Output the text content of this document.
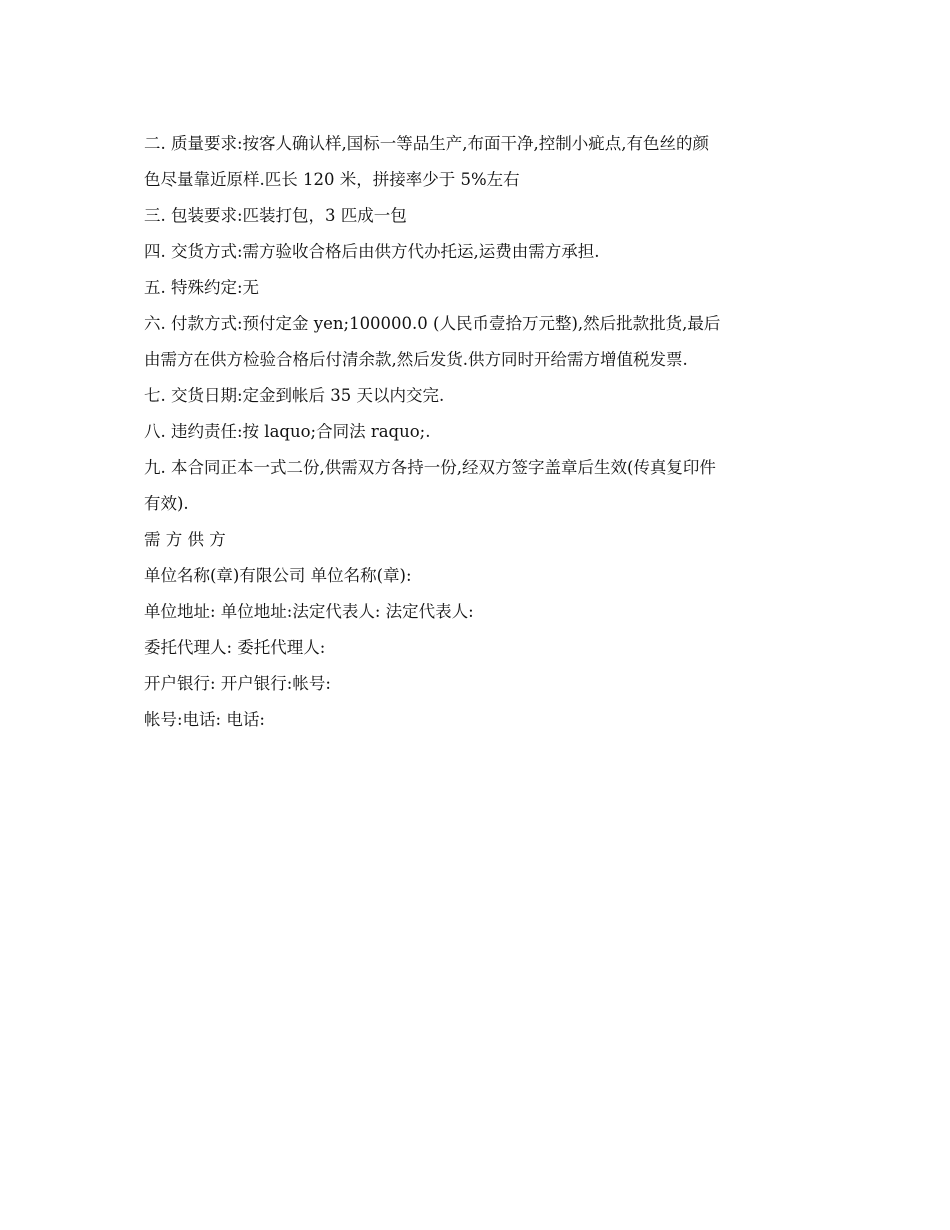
二. 质量要求:按客人确认样,国标一等品生产,布面干净,控制小疵点,有色丝的颜
色尽量靠近原样.匹长 120 米，拼接率少于 5%左右
三. 包装要求:匹装打包，3 匹成一包
四. 交货方式:需方验收合格后由供方代办托运,运费由需方承担.
五. 特殊约定:无
六. 付款方式:预付定金 yen;100000.0 (人民币壹拾万元整),然后批款批货,最后
由需方在供方检验合格后付清余款,然后发货.供方同时开给需方增值税发票.
七. 交货日期:定金到帐后 35 天以内交完.
八. 违约责任:按 laquo;合同法 raquo;.
九. 本合同正本一式二份,供需双方各持一份,经双方签字盖章后生效(传真复印件
有效).
需 方 供 方
单位名称(章)有限公司 单位名称(章):
单位地址: 单位地址:法定代表人: 法定代表人:
委托代理人: 委托代理人:
开户银行: 开户银行:帐号:
帐号:电话: 电话:
